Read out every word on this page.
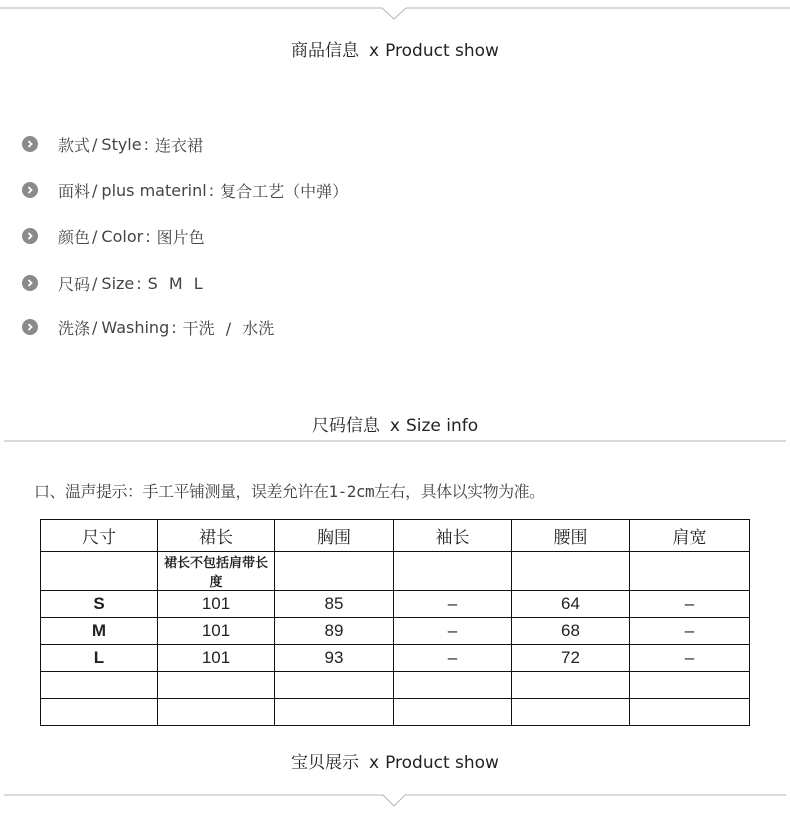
商品信息 x Product show
款式 / Style : 连衣裙
面料 / plus materinl : 复合工艺（中弹）
颜色 / Color : 图片色
尺码 / Size : S M L
洗涤 / Washing : 干洗 / 水洗
尺码信息 x Size info
口、温声提示：手工平铺测量，误差允许在1-2cm左右，具体以实物为准。
尺寸	裙长	胸围	袖长	腰围	肩宽
	裙长不包括肩带长度				
S	101	85	–	64	–
M	101	89	–	68	–
L	101	93	–	72	–

宝贝展示 x Product show
